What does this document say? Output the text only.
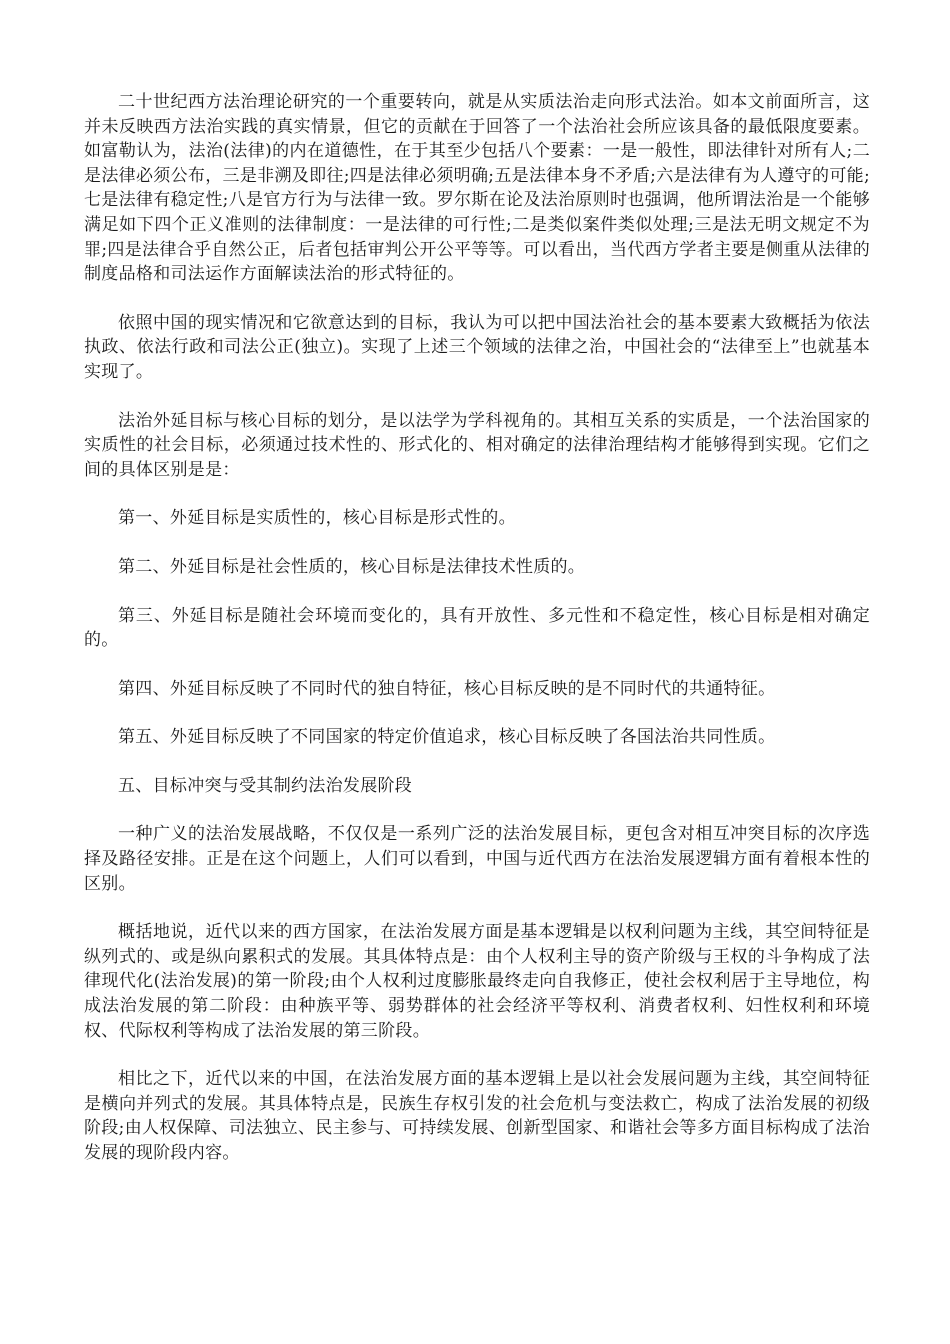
二十世纪西方法治理论研究的一个重要转向，就是从实质法治走向形式法治。如本文前面所言，这并未反映西方法治实践的真实情景，但它的贡献在于回答了一个法治社会所应该具备的最低限度要素。如富勒认为，法治(法律)的内在道德性，在于其至少包括八个要素：一是一般性，即法律针对所有人;二是法律必须公布，三是非溯及即往;四是法律必须明确;五是法律本身不矛盾;六是法律有为人遵守的可能;七是法律有稳定性;八是官方行为与法律一致。罗尔斯在论及法治原则时也强调，他所谓法治是一个能够满足如下四个正义准则的法律制度：一是法律的可行性;二是类似案件类似处理;三是法无明文规定不为罪;四是法律合乎自然公正，后者包括审判公开公平等等。可以看出，当代西方学者主要是侧重从法律的制度品格和司法运作方面解读法治的形式特征的。

依照中国的现实情况和它欲意达到的目标，我认为可以把中国法治社会的基本要素大致概括为依法执政、依法行政和司法公正(独立)。实现了上述三个领域的法律之治，中国社会的“法律至上”也就基本实现了。

法治外延目标与核心目标的划分，是以法学为学科视角的。其相互关系的实质是，一个法治国家的实质性的社会目标，必须通过技术性的、形式化的、相对确定的法律治理结构才能够得到实现。它们之间的具体区别是是：

第一、外延目标是实质性的，核心目标是形式性的。

第二、外延目标是社会性质的，核心目标是法律技术性质的。

第三、外延目标是随社会环境而变化的，具有开放性、多元性和不稳定性，核心目标是相对确定的。

第四、外延目标反映了不同时代的独自特征，核心目标反映的是不同时代的共通特征。

第五、外延目标反映了不同国家的特定价值追求，核心目标反映了各国法治共同性质。

五、目标冲突与受其制约法治发展阶段

一种广义的法治发展战略，不仅仅是一系列广泛的法治发展目标，更包含对相互冲突目标的次序选择及路径安排。正是在这个问题上，人们可以看到，中国与近代西方在法治发展逻辑方面有着根本性的区别。

概括地说，近代以来的西方国家，在法治发展方面是基本逻辑是以权利问题为主线，其空间特征是纵列式的、或是纵向累积式的发展。其具体特点是：由个人权利主导的资产阶级与王权的斗争构成了法律现代化(法治发展)的第一阶段;由个人权利过度膨胀最终走向自我修正，使社会权利居于主导地位，构成法治发展的第二阶段：由种族平等、弱势群体的社会经济平等权利、消费者权利、妇性权利和环境权、代际权利等构成了法治发展的第三阶段。

相比之下，近代以来的中国，在法治发展方面的基本逻辑上是以社会发展问题为主线，其空间特征是横向并列式的发展。其具体特点是，民族生存权引发的社会危机与变法救亡，构成了法治发展的初级阶段;由人权保障、司法独立、民主参与、可持续发展、创新型国家、和谐社会等多方面目标构成了法治发展的现阶段内容。
